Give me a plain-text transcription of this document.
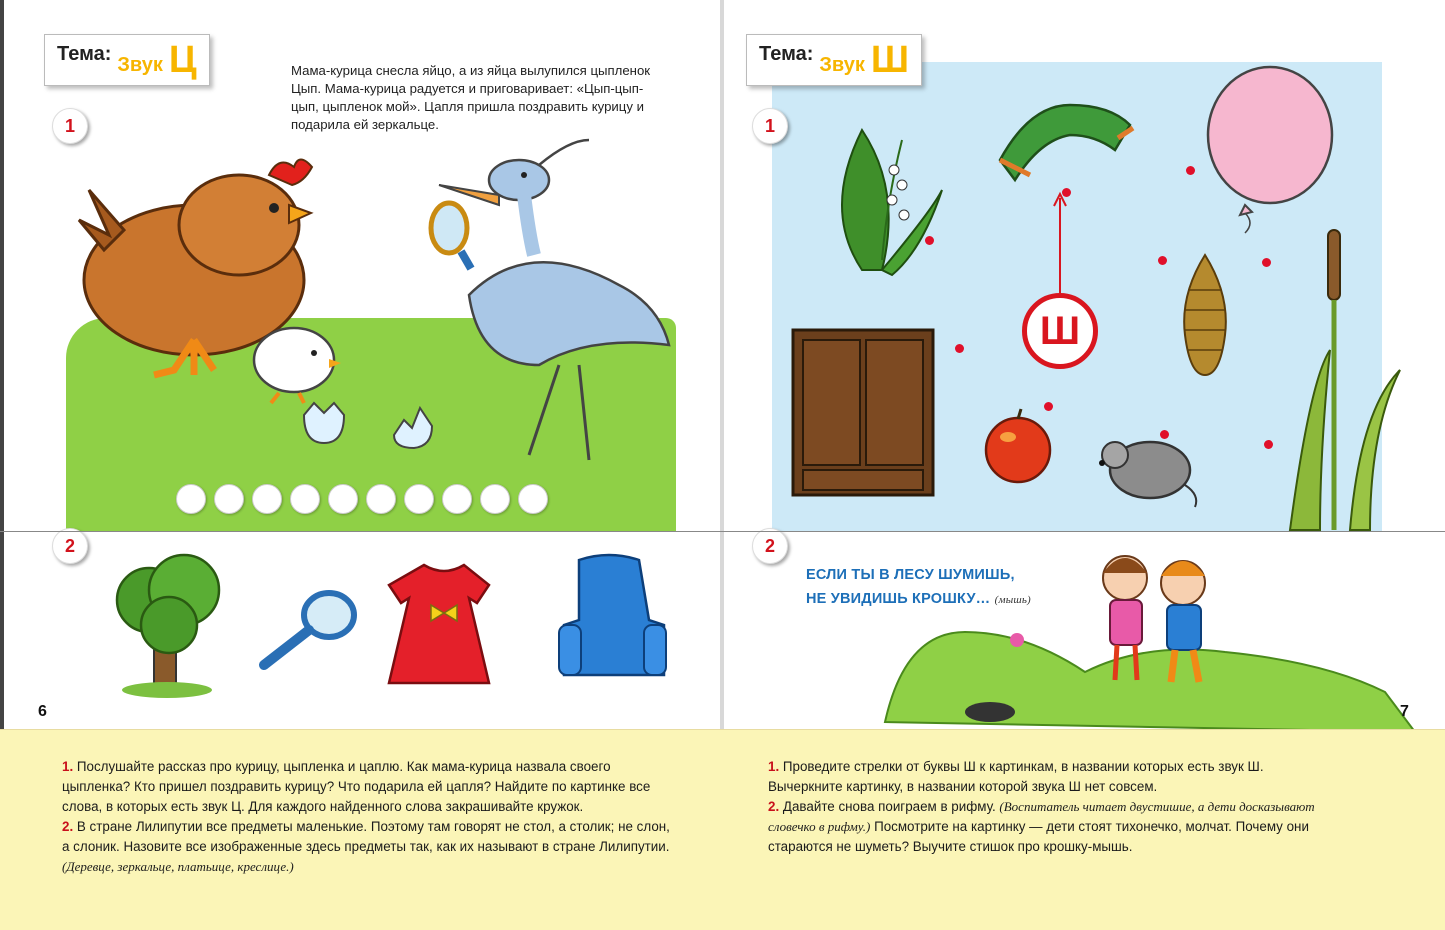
Тема: Звук Ц	Мама-курица снесла яйцо, а из яйца вылупился цыпленок Цып. Мама-курица радуется и приговаривает: «Цып-цып-цып, цыпленок мой». Цапля пришла поздравить курицу и подарила ей зеркальце.
1
2
6
Тема: Звук Ш
1
Ш
2
ЕСЛИ ТЫ В ЛЕСУ ШУМИШЬ,
НЕ УВИДИШЬ КРОШКУ… (мышь)
7
1. Послушайте рассказ про курицу, цыпленка и цаплю. Как мама-курица назвала своего цыпленка? Кто пришел поздравить курицу? Что подарила ей цапля? Найдите по картинке все слова, в которых есть звук Ц. Для каждого найденного слова закрашивайте кружок.
2. В стране Лилипутии все предметы маленькие. Поэтому там говорят не стол, а столик; не слон, а слоник. Назовите все изображенные здесь предметы так, как их называют в стране Лилипутии. (Деревце, зеркальце, платьице, креслице.)
1. Проведите стрелки от буквы Ш к картинкам, в названии которых есть звук Ш. Вычеркните картинку, в названии которой звука Ш нет совсем.
2. Давайте снова поиграем в рифму. (Воспитатель читает двустишие, а дети досказывают словечко в рифму.) Посмотрите на картинку — дети стоят тихонечко, молчат. Почему они стараются не шуметь? Выучите стишок про крошку-мышь.
